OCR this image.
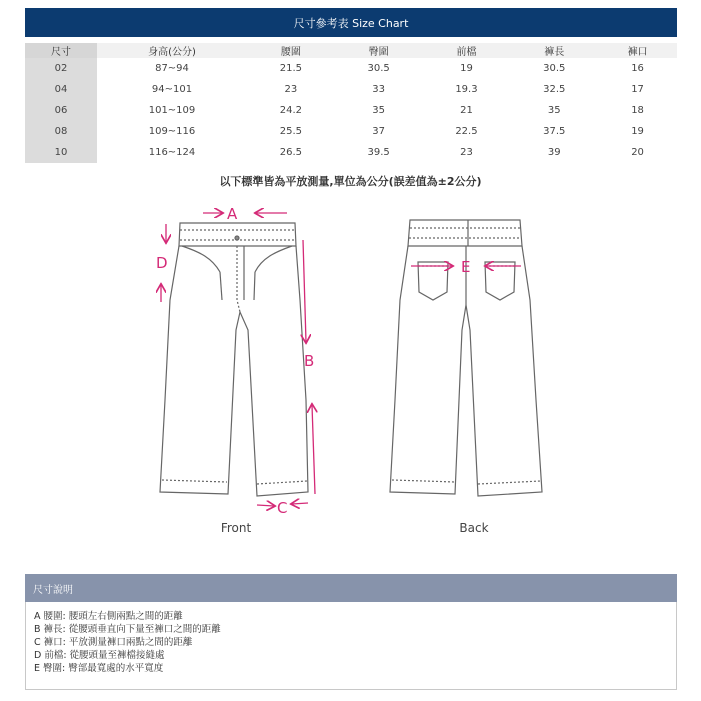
尺寸參考表 Size Chart
尺寸	身高(公分)	腰圍	臀圍	前檔	褲長	褲口
02	87~94	21.5	30.5	19	30.5	16
04	94~101	23	33	19.3	32.5	17
06	101~109	24.2	35	21	35	18
08	109~116	25.5	37	22.5	37.5	19
10	116~124	26.5	39.5	23	39	20
以下標準皆為平放測量,單位為公分(誤差值為±2公分)
A
D
B
C
E
Front	Back
尺寸說明
A 腰圍: 腰頭左右側兩點之間的距離
B 褲長: 從腰頭垂直向下量至褲口之間的距離
C 褲口: 平放測量褲口兩點之間的距離
D 前檔: 從腰頭量至褲檔接縫處
E 臀圍: 臀部最寬處的水平寬度
